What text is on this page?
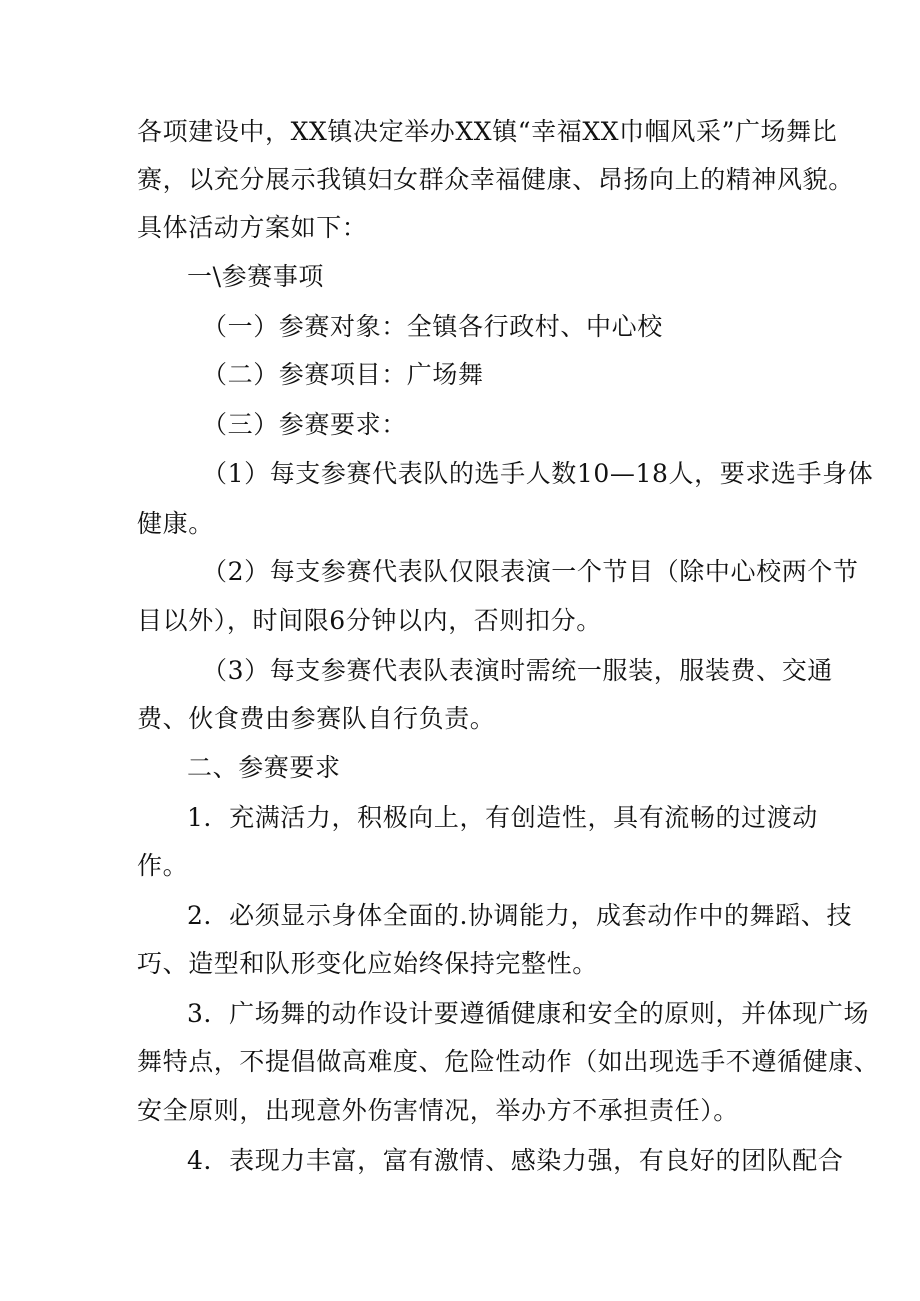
各项建设中，XX镇决定举办XX镇“幸福XX巾帼风采”广场舞比

赛，以充分展示我镇妇女群众幸福健康、昂扬向上的精神风貌。

具体活动方案如下：

一\参赛事项

（一）参赛对象：全镇各行政村、中心校

（二）参赛项目：广场舞

（三）参赛要求：

（1）每支参赛代表队的选手人数10—18人，要求选手身体

健康。

（2）每支参赛代表队仅限表演一个节目（除中心校两个节

目以外），时间限6分钟以内，否则扣分。

（3）每支参赛代表队表演时需统一服装，服装费、交通

费、伙食费由参赛队自行负责。

二、参赛要求

1．充满活力，积极向上，有创造性，具有流畅的过渡动

作。

2．必须显示身体全面的.协调能力，成套动作中的舞蹈、技

巧、造型和队形变化应始终保持完整性。

3．广场舞的动作设计要遵循健康和安全的原则，并体现广场

舞特点，不提倡做高难度、危险性动作（如出现选手不遵循健康、

安全原则，出现意外伤害情况，举办方不承担责任）。

4．表现力丰富，富有激情、感染力强，有良好的团队配合
